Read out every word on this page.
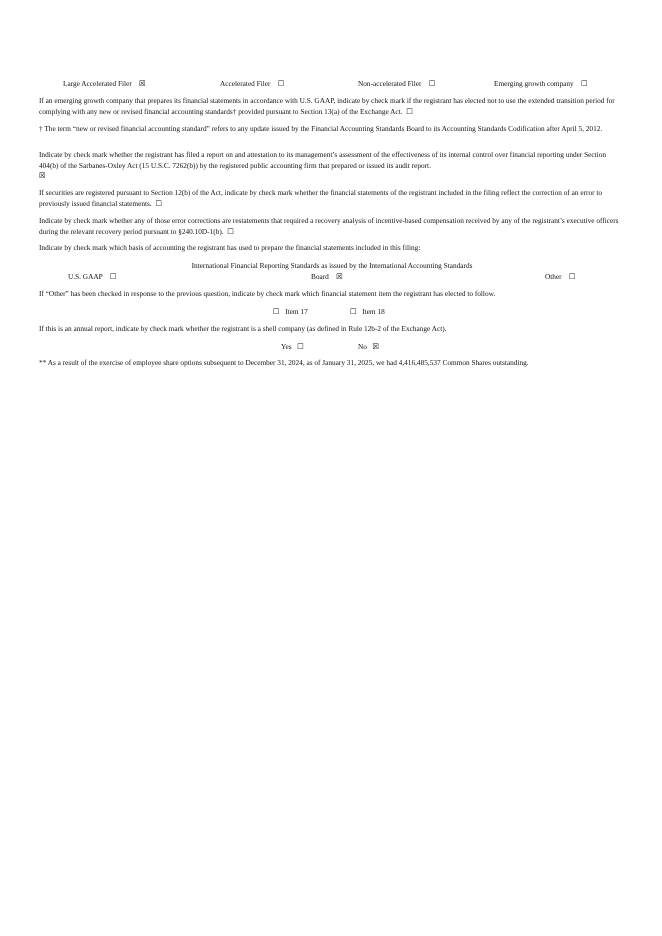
Large Accelerated Filer ☒	Accelerated Filer ☐	Non-accelerated Filer ☐	Emerging growth company ☐
If an emerging growth company that prepares its financial statements in accordance with U.S. GAAP, indicate by check mark if the registrant has elected not to use the extended transition period for complying with any new or revised financial accounting standards† provided pursuant to Section 13(a) of the Exchange Act. ☐
† The term “new or revised financial accounting standard” refers to any update issued by the Financial Accounting Standards Board to its Accounting Standards Codification after April 5, 2012.
Indicate by check mark whether the registrant has filed a report on and attestation to its management’s assessment of the effectiveness of its internal control over financial reporting under Section 404(b) of the Sarbanes-Oxley Act (15 U.S.C. 7262(b)) by the registered public accounting firm that prepared or issued its audit report.
☒
If securities are registered pursuant to Section 12(b) of the Act, indicate by check mark whether the financial statements of the registrant included in the filing reflect the correction of an error to previously issued financial statements. ☐
Indicate by check mark whether any of those error corrections are restatements that required a recovery analysis of incentive-based compensation received by any of the registrant’s executive officers during the relevant recovery period pursuant to §240.10D-1(b). ☐
Indicate by check mark which basis of accounting the registrant has used to prepare the financial statements included in this filing:
International Financial Reporting Standards as issued by the International Accounting Standards
U.S. GAAP ☐	Board ☒	Other ☐
If “Other” has been checked in response to the previous question, indicate by check mark which financial statement item the registrant has elected to follow.
☐ Item 17	☐ Item 18
If this is an annual report, indicate by check mark whether the registrant is a shell company (as defined in Rule 12b-2 of the Exchange Act).
Yes ☐	No ☒
** As a result of the exercise of employee share options subsequent to December 31, 2024, as of January 31, 2025, we had 4,416,485,537 Common Shares outstanding.
